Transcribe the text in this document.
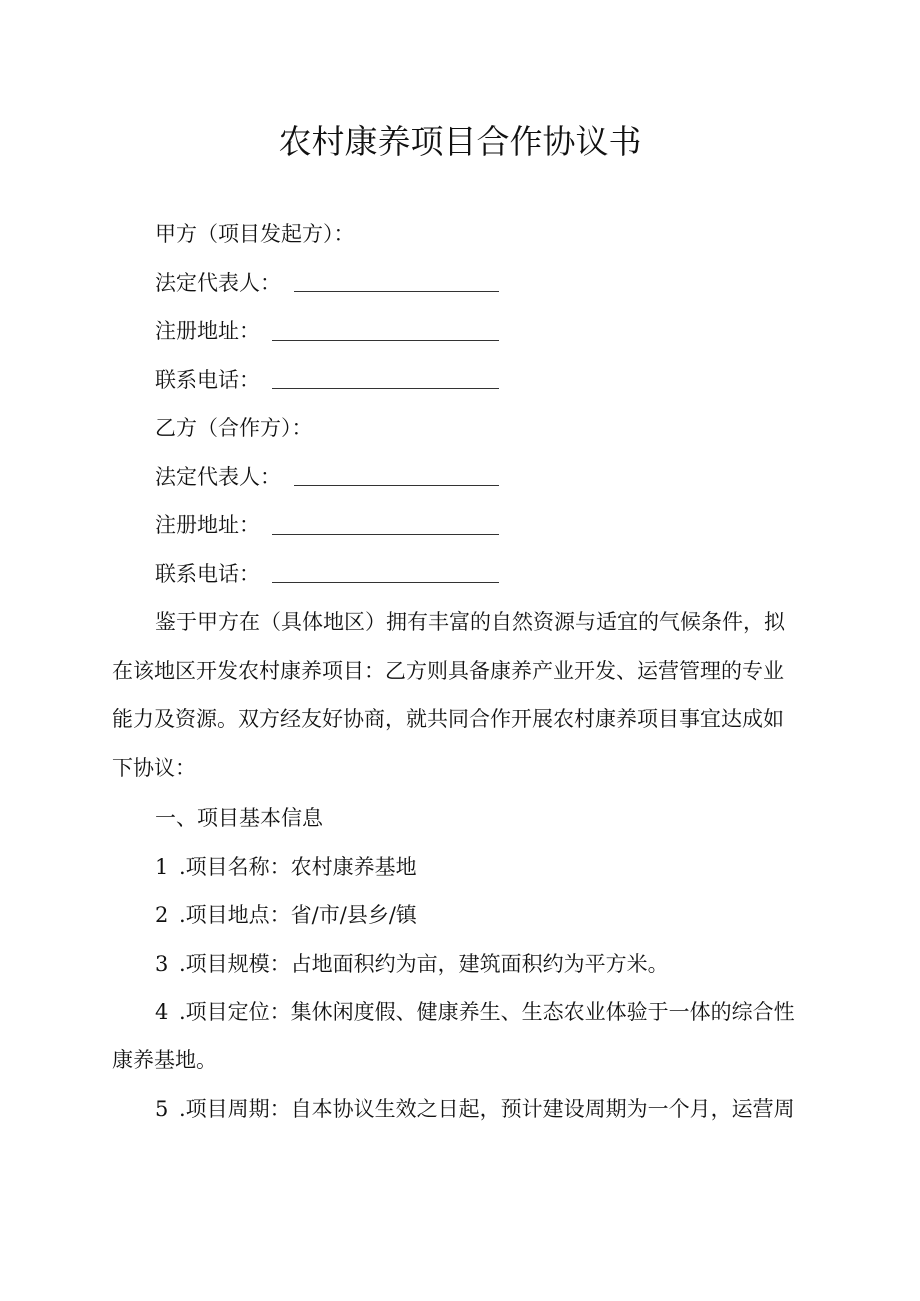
农村康养项目合作协议书
甲方（项目发起方）：
法定代表人：
注册地址：
联系电话：
乙方（合作方）：
法定代表人：
注册地址：
联系电话：
鉴于甲方在（具体地区）拥有丰富的自然资源与适宜的气候条件，拟
在该地区开发农村康养项目：乙方则具备康养产业开发、运营管理的专业
能力及资源。双方经友好协商，就共同合作开展农村康养项目事宜达成如
下协议：
一、项目基本信息
1 .项目名称：农村康养基地
2 .项目地点：省/市/县乡/镇
3 .项目规模：占地面积约为亩，建筑面积约为平方米。
4 .项目定位：集休闲度假、健康养生、生态农业体验于一体的综合性
康养基地。
5 .项目周期：自本协议生效之日起，预计建设周期为一个月，运营周
